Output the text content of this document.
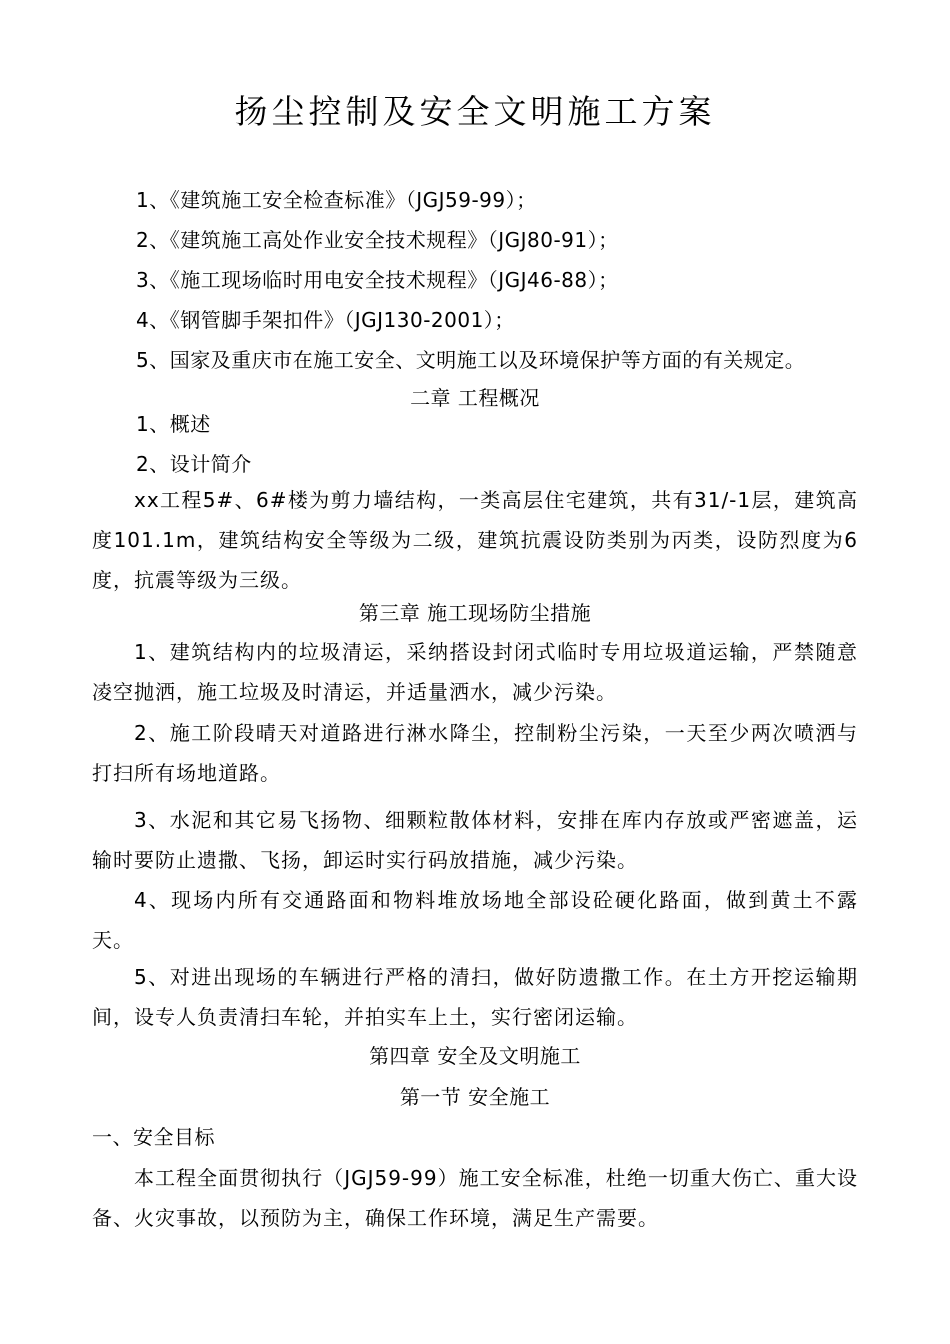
扬尘控制及安全文明施工方案
1、《建筑施工安全检查标准》（JGJ59-99）；
2、《建筑施工高处作业安全技术规程》（JGJ80-91）；
3、《施工现场临时用电安全技术规程》（JGJ46-88）；
4、《钢管脚手架扣件》（JGJ130-2001）；
5、国家及重庆市在施工安全、文明施工以及环境保护等方面的有关规定。
二章 工程概况
1、概述
2、设计简介
xx工程5#、6#楼为剪力墙结构，一类高层住宅建筑，共有31/-1层，建筑高度101.1m，建筑结构安全等级为二级，建筑抗震设防类别为丙类，设防烈度为6度，抗震等级为三级。
第三章 施工现场防尘措施
1、建筑结构内的垃圾清运，采纳搭设封闭式临时专用垃圾道运输，严禁随意凌空抛洒，施工垃圾及时清运，并适量洒水，减少污染。
2、施工阶段晴天对道路进行淋水降尘，控制粉尘污染，一天至少两次喷洒与打扫所有场地道路。
3、水泥和其它易飞扬物、细颗粒散体材料，安排在库内存放或严密遮盖，运输时要防止遗撒、飞扬，卸运时实行码放措施，减少污染。
4、现场内所有交通路面和物料堆放场地全部设砼硬化路面，做到黄土不露天。
5、对进出现场的车辆进行严格的清扫，做好防遗撒工作。在土方开挖运输期间，设专人负责清扫车轮，并拍实车上土，实行密闭运输。
第四章 安全及文明施工
第一节 安全施工
一、安全目标
本工程全面贯彻执行（JGJ59-99）施工安全标准，杜绝一切重大伤亡、重大设备、火灾事故，以预防为主，确保工作环境，满足生产需要。
